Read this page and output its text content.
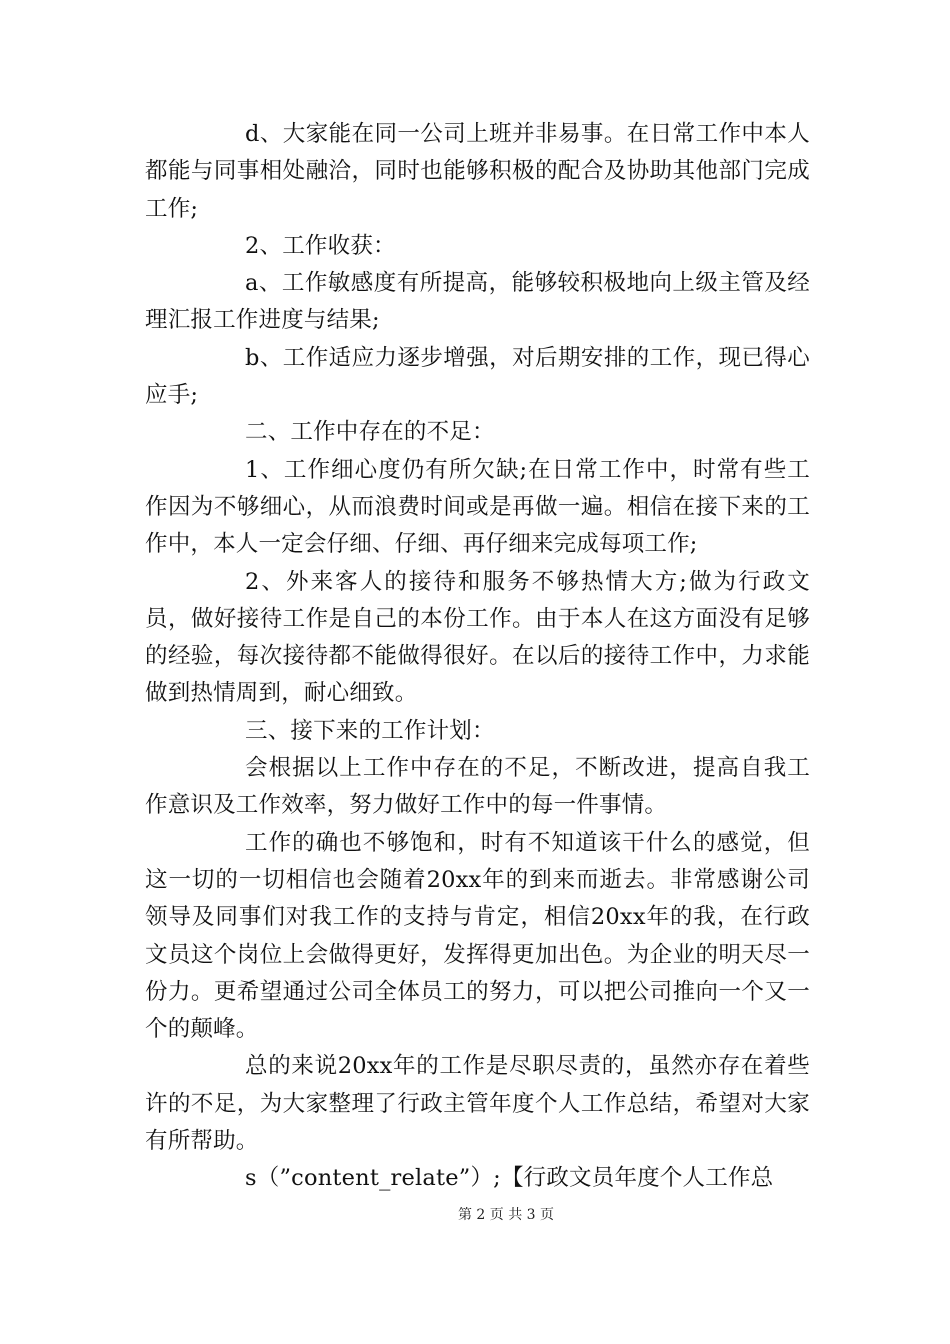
d、大家能在同一公司上班并非易事。在日常工作中本人都能与同事相处融洽，同时也能够积极的配合及协助其他部门完成工作;

2、工作收获：

a、工作敏感度有所提高，能够较积极地向上级主管及经理汇报工作进度与结果;

b、工作适应力逐步增强，对后期安排的工作，现已得心应手;

二、工作中存在的不足：

1、工作细心度仍有所欠缺;在日常工作中，时常有些工作因为不够细心，从而浪费时间或是再做一遍。相信在接下来的工作中，本人一定会仔细、仔细、再仔细来完成每项工作;

2、外来客人的接待和服务不够热情大方;做为行政文员，做好接待工作是自己的本份工作。由于本人在这方面没有足够的经验，每次接待都不能做得很好。在以后的接待工作中，力求能做到热情周到，耐心细致。

三、接下来的工作计划：

会根据以上工作中存在的不足，不断改进，提高自我工作意识及工作效率，努力做好工作中的每一件事情。

工作的确也不够饱和，时有不知道该干什么的感觉，但这一切的一切相信也会随着20xx年的到来而逝去。非常感谢公司领导及同事们对我工作的支持与肯定，相信20xx年的我，在行政文员这个岗位上会做得更好，发挥得更加出色。为企业的明天尽一份力。更希望通过公司全体员工的努力，可以把公司推向一个又一个的颠峰。

总的来说20xx年的工作是尽职尽责的，虽然亦存在着些许的不足，为大家整理了行政主管年度个人工作总结，希望对大家有所帮助。

s（”content_relate”）;【行政文员年度个人工作总

第 2 页 共 3 页
